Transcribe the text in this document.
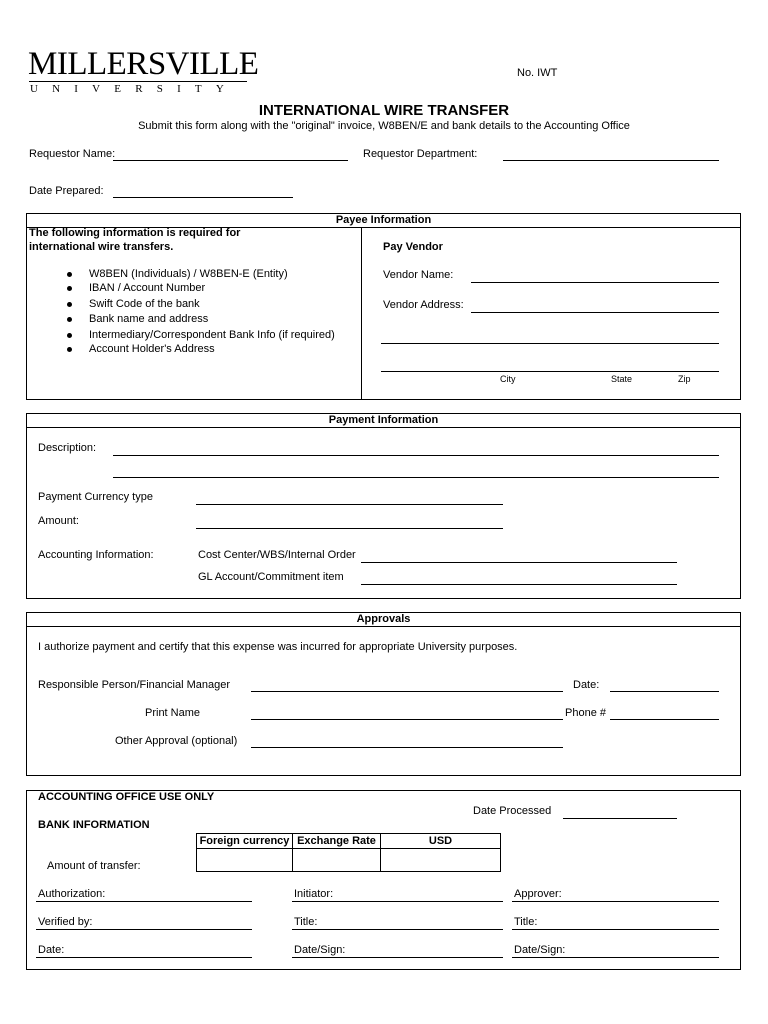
MILLERSVILLE
UNIVERSITY
No. IWT
INTERNATIONAL WIRE TRANSFER
Submit this form along with the "original" invoice, W8BEN/E and bank details to the Accounting Office
Requestor Name:	Requestor Department:
Date Prepared:
Payee Information
The following information is required for
international wire transfers.
W8BEN (Individuals) / W8BEN-E (Entity)
IBAN / Account Number
Swift Code of the bank
Bank name and address
Intermediary/Correspondent Bank Info (if required)
Account Holder's Address
Pay Vendor
Vendor Name:
Vendor Address:
City	State	Zip
Payment Information
Description:
Payment Currency type
Amount:
Accounting Information:	Cost Center/WBS/Internal Order
GL Account/Commitment item
Approvals
I authorize payment and certify that this expense was incurred for appropriate University purposes.
Responsible Person/Financial Manager	Date:
Print Name	Phone #
Other Approval (optional)
ACCOUNTING OFFICE USE ONLY
Date Processed
BANK INFORMATION
Foreign currency	Exchange Rate	USD

Amount of transfer:
Authorization:	Initiator:	Approver:
Verified by:	Title:	Title:
Date:	Date/Sign:	Date/Sign:
